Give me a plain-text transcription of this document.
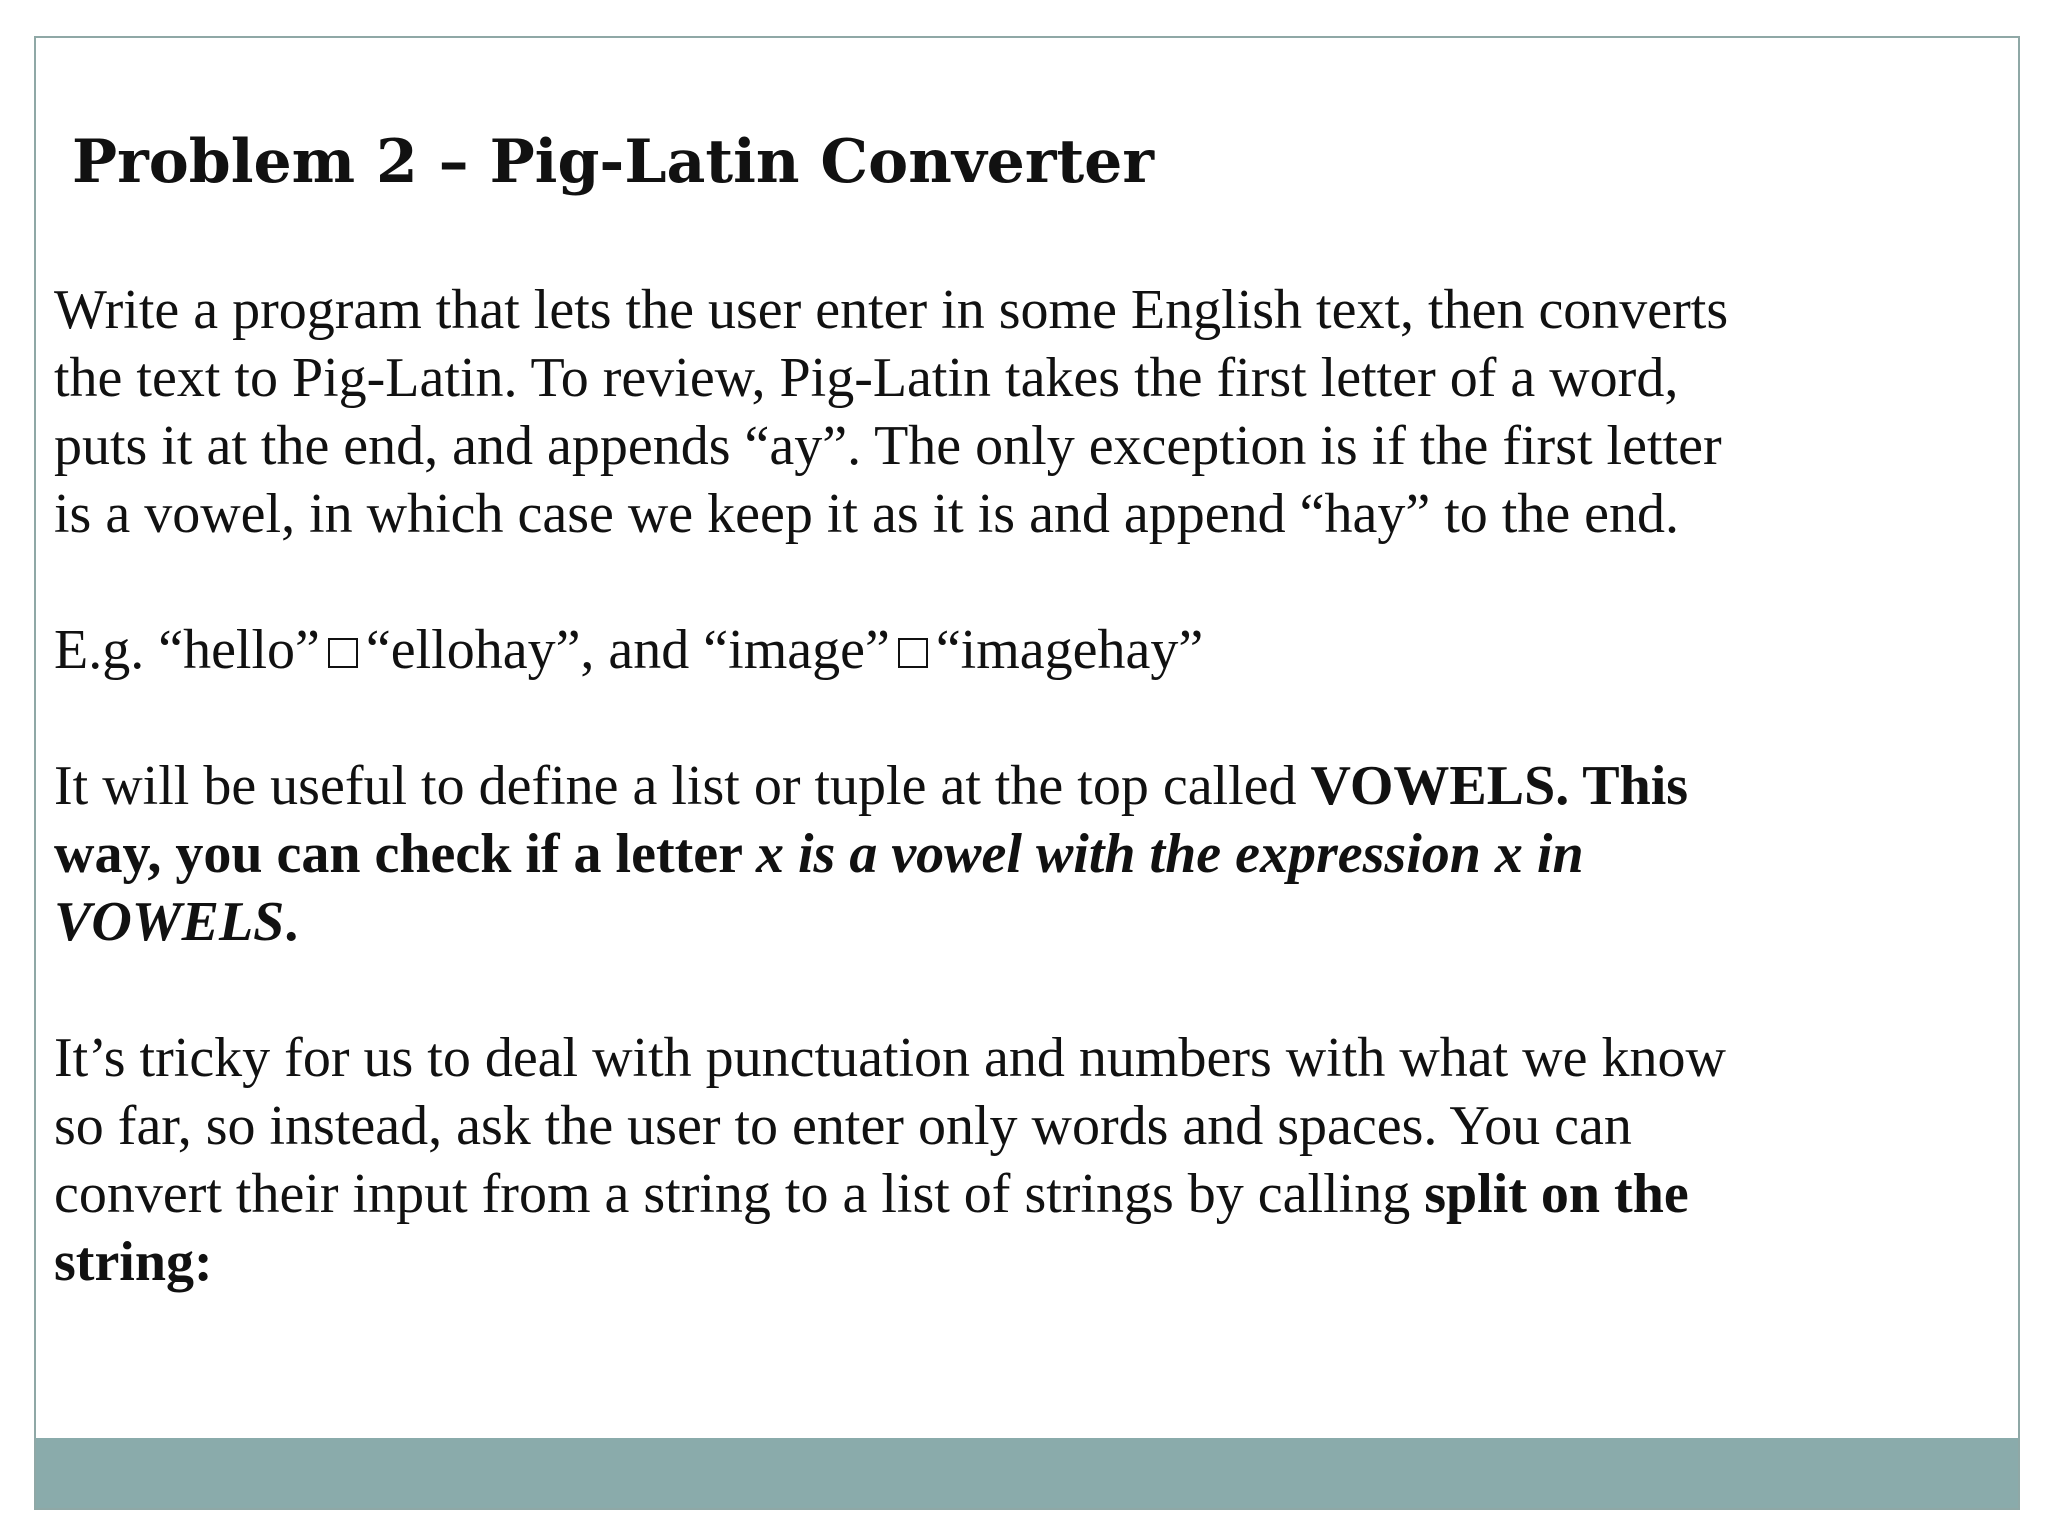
Problem 2 – Pig-Latin Converter

Write a program that lets the user enter in some English text, then converts

the text to Pig-Latin. To review, Pig-Latin takes the first letter of a word,

puts it at the end, and appends “ay”. The only exception is if the first letter

is a vowel, in which case we keep it as it is and append “hay” to the end.

E.g. “hello” “ellohay”, and “image” “imagehay”

It will be useful to define a list or tuple at the top called VOWELS. This

way, you can check if a letter x is a vowel with the expression x in

VOWELS.

It’s tricky for us to deal with punctuation and numbers with what we know

so far, so instead, ask the user to enter only words and spaces. You can

convert their input from a string to a list of strings by calling split on the

string:
